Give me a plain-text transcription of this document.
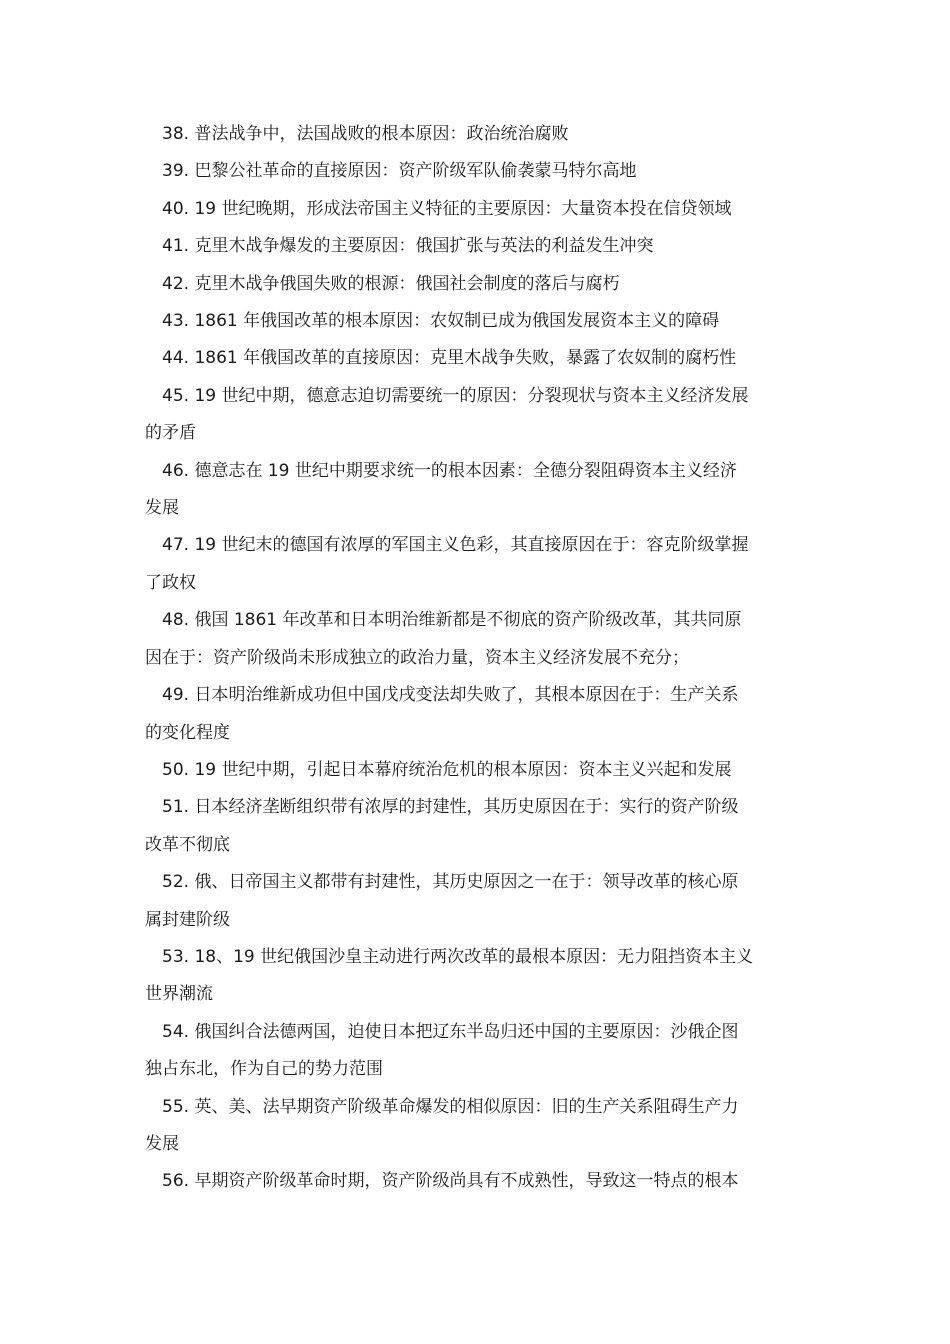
38. 普法战争中，法国战败的根本原因：政治统治腐败
39. 巴黎公社革命的直接原因：资产阶级军队偷袭蒙马特尔高地
40. 19 世纪晚期，形成法帝国主义特征的主要原因：大量资本投在信贷领域
41. 克里木战争爆发的主要原因：俄国扩张与英法的利益发生冲突
42. 克里木战争俄国失败的根源：俄国社会制度的落后与腐朽
43. 1861 年俄国改革的根本原因：农奴制已成为俄国发展资本主义的障碍
44. 1861 年俄国改革的直接原因：克里木战争失败，暴露了农奴制的腐朽性
45. 19 世纪中期，德意志迫切需要统一的原因：分裂现状与资本主义经济发展
的矛盾
46. 德意志在 19 世纪中期要求统一的根本因素：全德分裂阻碍资本主义经济
发展
47. 19 世纪末的德国有浓厚的军国主义色彩，其直接原因在于：容克阶级掌握
了政权
48. 俄国 1861 年改革和日本明治维新都是不彻底的资产阶级改革，其共同原
因在于：资产阶级尚未形成独立的政治力量，资本主义经济发展不充分；
49. 日本明治维新成功但中国戊戌变法却失败了，其根本原因在于：生产关系
的变化程度
50. 19 世纪中期，引起日本幕府统治危机的根本原因：资本主义兴起和发展
51. 日本经济垄断组织带有浓厚的封建性，其历史原因在于：实行的资产阶级
改革不彻底
52. 俄、日帝国主义都带有封建性，其历史原因之一在于：领导改革的核心原
属封建阶级
53. 18、19 世纪俄国沙皇主动进行两次改革的最根本原因：无力阻挡资本主义
世界潮流
54. 俄国纠合法德两国，迫使日本把辽东半岛归还中国的主要原因：沙俄企图
独占东北，作为自己的势力范围
55. 英、美、法早期资产阶级革命爆发的相似原因：旧的生产关系阻碍生产力
发展
56. 早期资产阶级革命时期，资产阶级尚具有不成熟性，导致这一特点的根本
